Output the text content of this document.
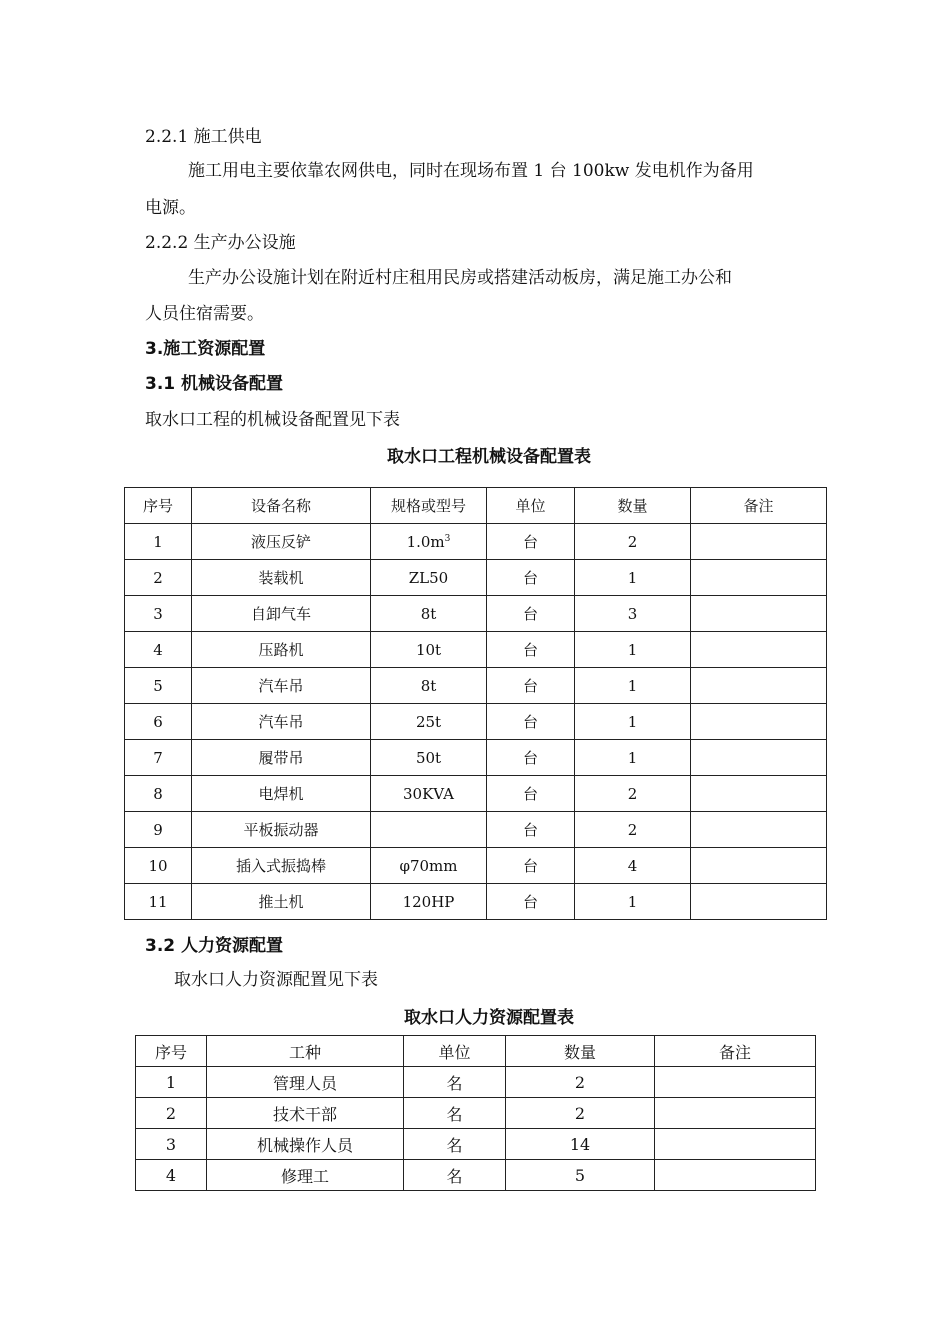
2.2.1 施工供电
施工用电主要依靠农网供电，同时在现场布置 1 台 100kw 发电机作为备用
电源。
2.2.2 生产办公设施
生产办公设施计划在附近村庄租用民房或搭建活动板房，满足施工办公和
人员住宿需要。
3.施工资源配置
3.1 机械设备配置
取水口工程的机械设备配置见下表
取水口工程机械设备配置表
序号	设备名称	规格或型号	单位	数量	备注
1	液压反铲	$1.0m^3$	台	2	
2	装载机	ZL50	台	1	
3	自卸气车	8t	台	3	
4	压路机	10t	台	1	
5	汽车吊	8t	台	1	
6	汽车吊	25t	台	1	
7	履带吊	50t	台	1	
8	电焊机	30KVA	台	2	
9	平板振动器		台	2	
10	插入式振捣棒	φ70mm	台	4	
11	推土机	120HP	台	1	
3.2 人力资源配置
取水口人力资源配置见下表
取水口人力资源配置表
序号	工种	单位	数量	备注
1	管理人员	名	2	
2	技术干部	名	2	
3	机械操作人员	名	14	
4	修理工	名	5	
